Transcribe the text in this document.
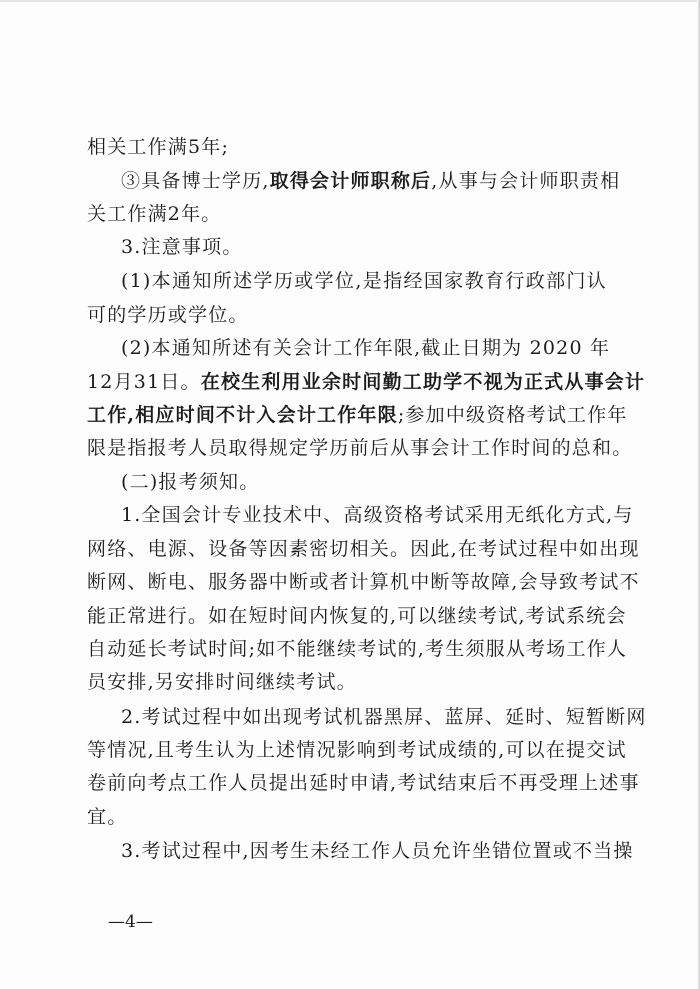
相关工作满5年;
③具备博士学历,取得会计师职称后,从事与会计师职责相
关工作满2年。
3.注意事项。
(1)本通知所述学历或学位,是指经国家教育行政部门认
可的学历或学位。
(2)本通知所述有关会计工作年限,截止日期为 2020 年
12月31日。在校生利用业余时间勤工助学不视为正式从事会计
工作,相应时间不计入会计工作年限;参加中级资格考试工作年
限是指报考人员取得规定学历前后从事会计工作时间的总和。
(二)报考须知。
1.全国会计专业技术中、高级资格考试采用无纸化方式,与
网络、电源、设备等因素密切相关。因此,在考试过程中如出现
断网、断电、服务器中断或者计算机中断等故障,会导致考试不
能正常进行。如在短时间内恢复的,可以继续考试,考试系统会
自动延长考试时间;如不能继续考试的,考生须服从考场工作人
员安排,另安排时间继续考试。
2.考试过程中如出现考试机器黑屏、蓝屏、延时、短暂断网
等情况,且考生认为上述情况影响到考试成绩的,可以在提交试
卷前向考点工作人员提出延时申请,考试结束后不再受理上述事
宜。
3.考试过程中,因考生未经工作人员允许坐错位置或不当操
—4—
